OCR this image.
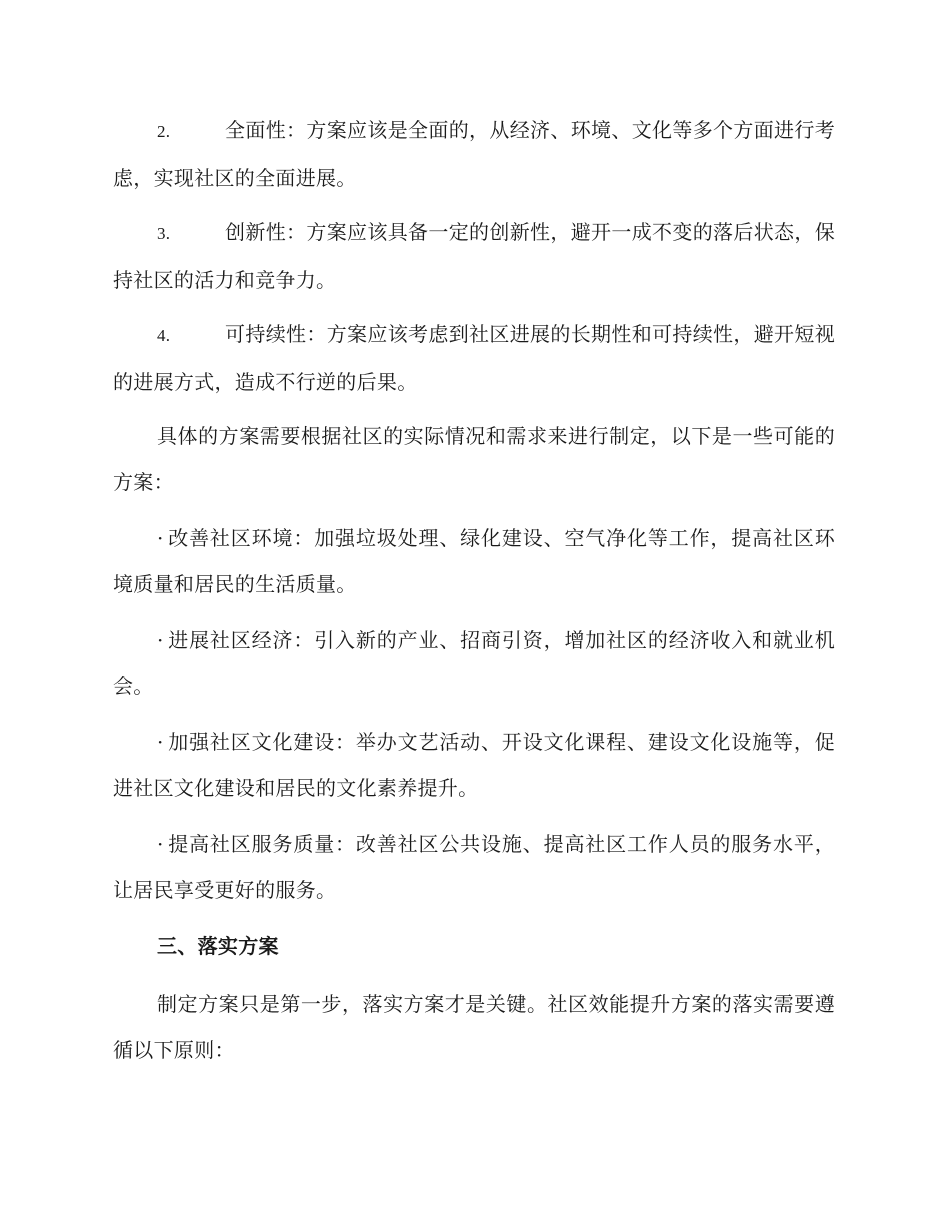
2.	全面性：方案应该是全面的，从经济、环境、文化等多个方面进行考虑，实现社区的全面进展。

3.	创新性：方案应该具备一定的创新性，避开一成不变的落后状态，保持社区的活力和竞争力。

4.	可持续性：方案应该考虑到社区进展的长期性和可持续性，避开短视的进展方式，造成不行逆的后果。

具体的方案需要根据社区的实际情况和需求来进行制定，以下是一些可能的方案：

· 改善社区环境：加强垃圾处理、绿化建设、空气净化等工作，提高社区环境质量和居民的生活质量。

· 进展社区经济：引入新的产业、招商引资，增加社区的经济收入和就业机会。

· 加强社区文化建设：举办文艺活动、开设文化课程、建设文化设施等，促进社区文化建设和居民的文化素养提升。

· 提高社区服务质量：改善社区公共设施、提高社区工作人员的服务水平，让居民享受更好的服务。

三、落实方案

制定方案只是第一步，落实方案才是关键。社区效能提升方案的落实需要遵循以下原则：
